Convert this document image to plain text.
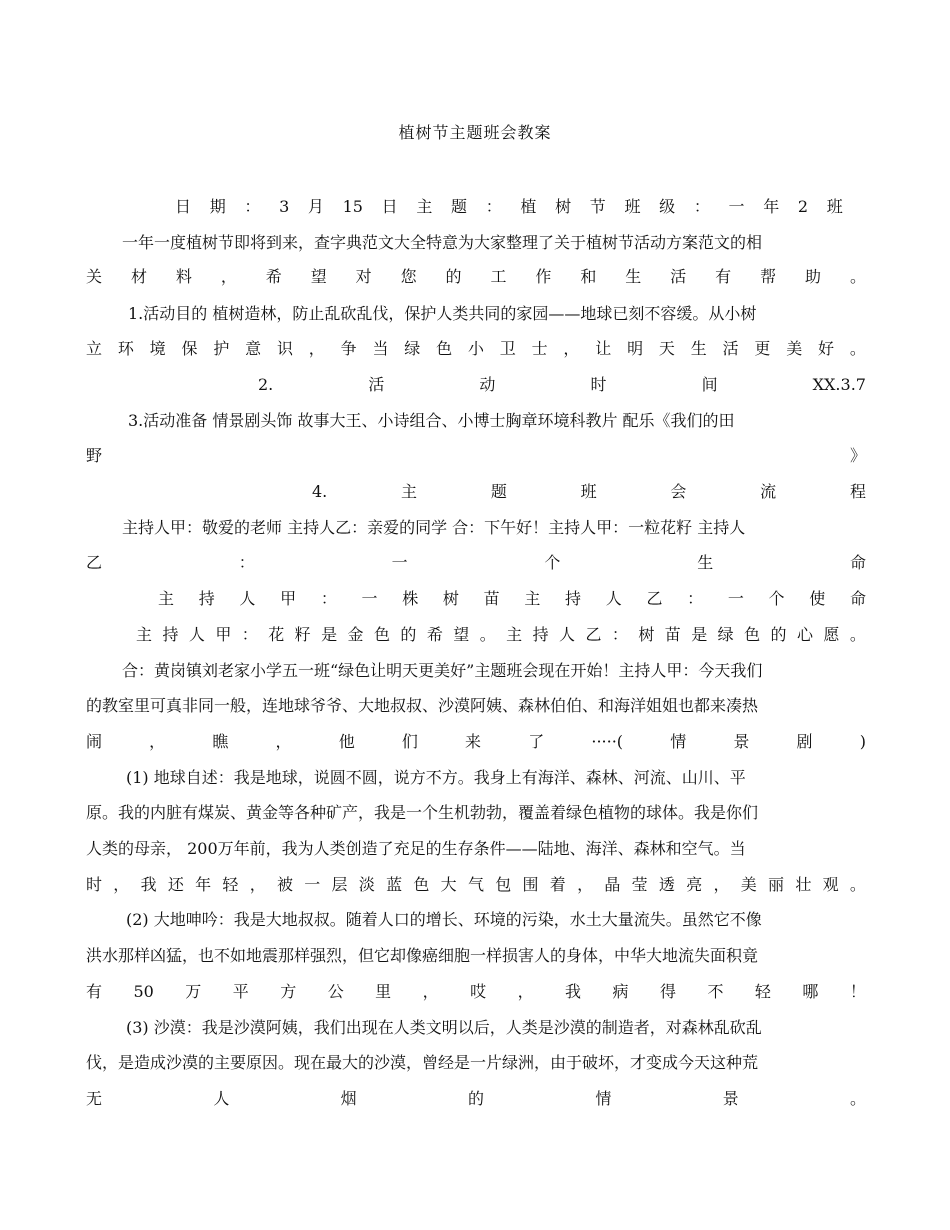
植树节主题班会教案
日 期 ： 3 月 15 日 主 题 ： 植 树 节 班 级 ： 一 年 2 班
一年一度植树节即将到来，查字典范文大全特意为大家整理了关于植树节活动方案范文的相
关 材 料 ， 希 望 对 您 的 工 作 和 生 活 有 帮 助 。
1.活动目的 植树造林，防止乱砍乱伐，保护人类共同的家园——地球已刻不容缓。从小树
立 环 境 保 护 意 识 ， 争 当 绿 色 小 卫 士 ， 让 明 天 生 活 更 美 好 。
2.	活	动	时	间	XX.3.7
3.活动准备 情景剧头饰 故事大王、小诗组合、小博士胸章环境科教片 配乐《我们的田
野	》
4.	主	题	班	会	流	程
主持人甲：敬爱的老师 主持人乙：亲爱的同学 合：下午好！主持人甲：一粒花籽 主持人
乙	：	一	个	生	命
主 持 人 甲 ： 一 株 树 苗 主 持 人 乙 ： 一 个 使 命
主 持 人 甲 ： 花 籽 是 金 色 的 希 望 。 主 持 人 乙 ： 树 苗 是 绿 色 的 心 愿 。
合：黄岗镇刘老家小学五一班“绿色让明天更美好”主题班会现在开始！主持人甲：今天我们
的教室里可真非同一般，连地球爷爷、大地叔叔、沙漠阿姨、森林伯伯、和海洋姐姐也都来凑热
闹	，	瞧	，	他	们	来	了	·····(	情	景	剧	)
(1) 地球自述：我是地球，说圆不圆，说方不方。我身上有海洋、森林、河流、山川、平
原。我的内脏有煤炭、黄金等各种矿产，我是一个生机勃勃，覆盖着绿色植物的球体。我是你们
人类的母亲， 200万年前，我为人类创造了充足的生存条件——陆地、海洋、森林和空气。当
时 ， 我 还 年 轻 ， 被 一 层 淡 蓝 色 大 气 包 围 着 ， 晶 莹 透 亮 ， 美 丽 壮 观 。
(2) 大地呻吟：我是大地叔叔。随着人口的增长、环境的污染，水土大量流失。虽然它不像
洪水那样凶猛，也不如地震那样强烈，但它却像癌细胞一样损害人的身体，中华大地流失面积竟
有 50 万 平 方 公 里 ， 哎 ， 我 病 得 不 轻 哪 ！
(3) 沙漠：我是沙漠阿姨，我们出现在人类文明以后，人类是沙漠的制造者，对森林乱砍乱
伐，是造成沙漠的主要原因。现在最大的沙漠，曾经是一片绿洲，由于破坏，才变成今天这种荒
无	人	烟	的	情	景	。
